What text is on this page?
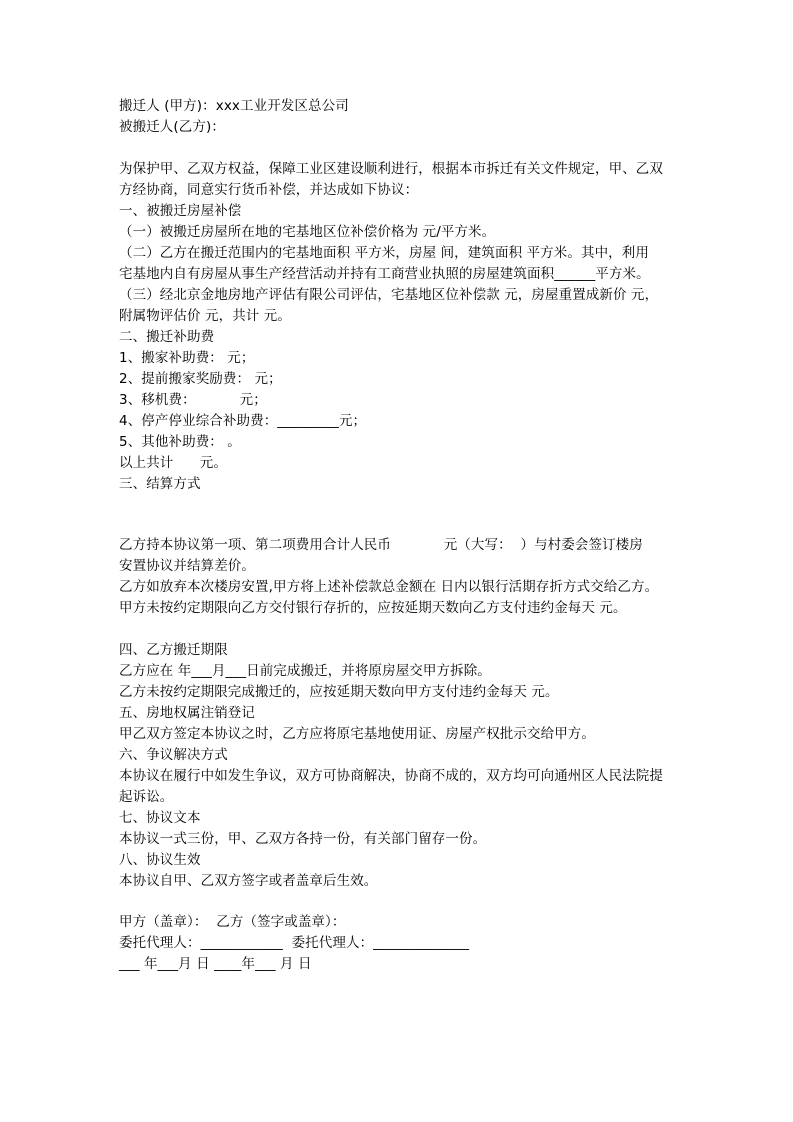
搬迁人 (甲方)：xxx工业开发区总公司
被搬迁人(乙方)：
为保护甲、乙双方权益，保障工业区建设顺利进行，根据本市拆迁有关文件规定，甲、乙双
方经协商，同意实行货币补偿，并达成如下协议：
一、被搬迁房屋补偿
（一）被搬迁房屋所在地的宅基地区位补偿价格为 元/平方米。
（二）乙方在搬迁范围内的宅基地面积 平方米，房屋 间，建筑面积 平方米。其中，利用
宅基地内自有房屋从事生产经营活动并持有工商营业执照的房屋建筑面积______平方米。
（三）经北京金地房地产评估有限公司评估，宅基地区位补偿款 元，房屋重置成新价 元，
附属物评估价 元，共计 元。
二、搬迁补助费
1、搬家补助费： 元；
2、提前搬家奖励费： 元；
3、移机费：          元；
4、停产停业综合补助费：_________元；
5、其他补助费： 。
以上共计      元。
三、结算方式
乙方持本协议第一项、第二项费用合计人民币            元（大写：  ）与村委会签订楼房
安置协议并结算差价。
乙方如放弃本次楼房安置,甲方将上述补偿款总金额在 日内以银行活期存折方式交给乙方。
甲方未按约定期限向乙方交付银行存折的，应按延期天数向乙方支付违约金每天 元。
四、乙方搬迁期限
乙方应在 年___月___日前完成搬迁，并将原房屋交甲方拆除。
乙方未按约定期限完成搬迁的，应按延期天数向甲方支付违约金每天 元。
五、房地权属注销登记
甲乙双方签定本协议之时，乙方应将原宅基地使用证、房屋产权批示交给甲方。
六、争议解决方式
本协议在履行中如发生争议，双方可协商解决，协商不成的，双方均可向通州区人民法院提
起诉讼。
七、协议文本
本协议一式三份，甲、乙双方各持一份，有关部门留存一份。
八、协议生效
本协议自甲、乙双方签字或者盖章后生效。
甲方（盖章）：  乙方（签字或盖章）：
委托代理人：____________  委托代理人：______________
___ 年___月 日 ____年___ 月 日
